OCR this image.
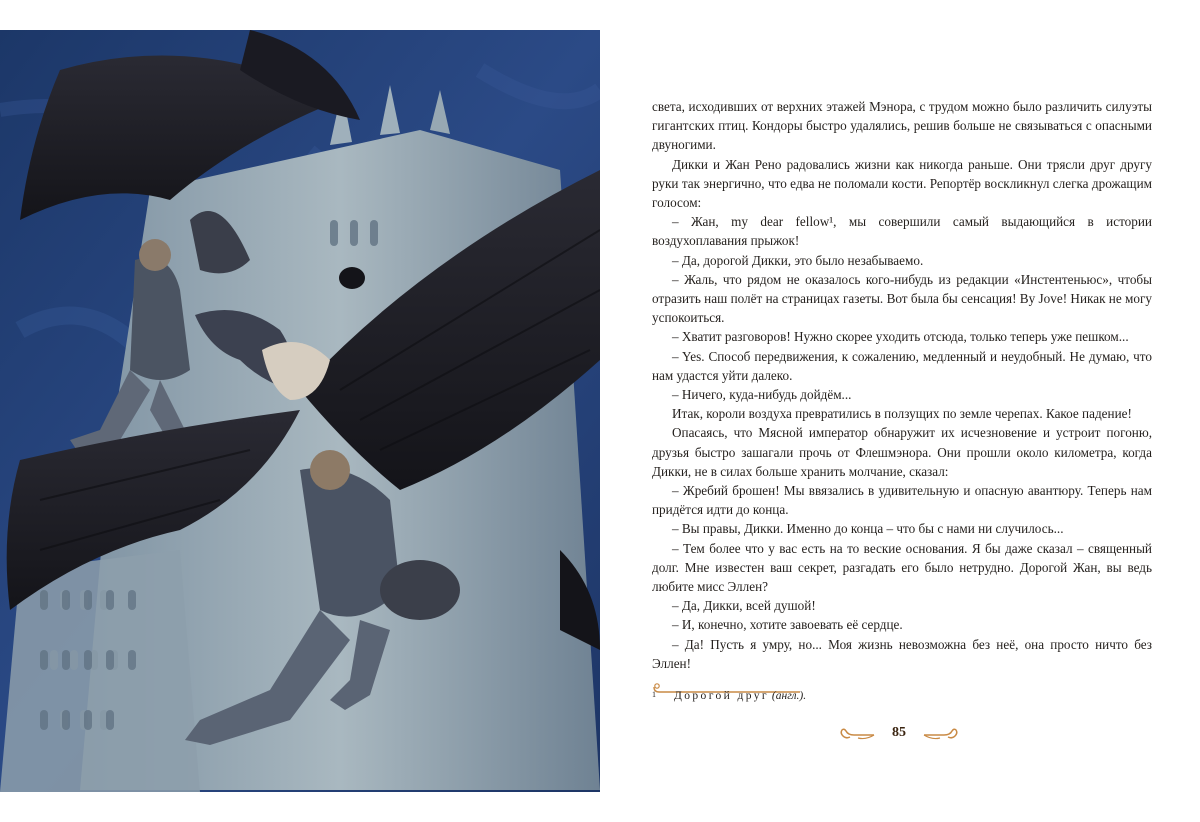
света, исходивших от верхних этажей Мэнора, с трудом можно было различить силуэты гигантских птиц. Кондоры быстро удалялись, решив больше не связываться с опасными двуногими.

Дикки и Жан Рено радовались жизни как никогда раньше. Они трясли друг другу руки так энергично, что едва не поломали кости. Репортёр воскликнул слегка дрожащим голосом:

– Жан, my dear fellow¹, мы совершили самый выдающийся в истории воздухоплавания прыжок!

– Да, дорогой Дикки, это было незабываемо.

– Жаль, что рядом не оказалось кого-нибудь из редакции «Инстентеньюс», чтобы отразить наш полёт на страницах газеты. Вот была бы сенсация! By Jove! Никак не могу успокоиться.

– Хватит разговоров! Нужно скорее уходить отсюда, только теперь уже пешком...

– Yes. Способ передвижения, к сожалению, медленный и неудобный. Не думаю, что нам удастся уйти далеко.

– Ничего, куда-нибудь дойдём...

Итак, короли воздуха превратились в ползущих по земле черепах. Какое падение!

Опасаясь, что Мясной император обнаружит их исчезновение и устроит погоню, друзья быстро зашагали прочь от Флешмэнора. Они прошли около километра, когда Дикки, не в силах больше хранить молчание, сказал:

– Жребий брошен! Мы ввязались в удивительную и опасную авантюру. Теперь нам придётся идти до конца.

– Вы правы, Дикки. Именно до конца – что бы с нами ни случилось...

– Тем более что у вас есть на то веские основания. Я бы даже сказал – священный долг. Мне известен ваш секрет, разгадать его было нетрудно. Дорогой Жан, вы ведь любите мисс Эллен?

– Да, Дикки, всей душой!

– И, конечно, хотите завоевать её сердце.

– Да! Пусть я умру, но... Моя жизнь невозможна без неё, она просто ничто без Эллен!

1 Дорогой друг (англ.).
85
